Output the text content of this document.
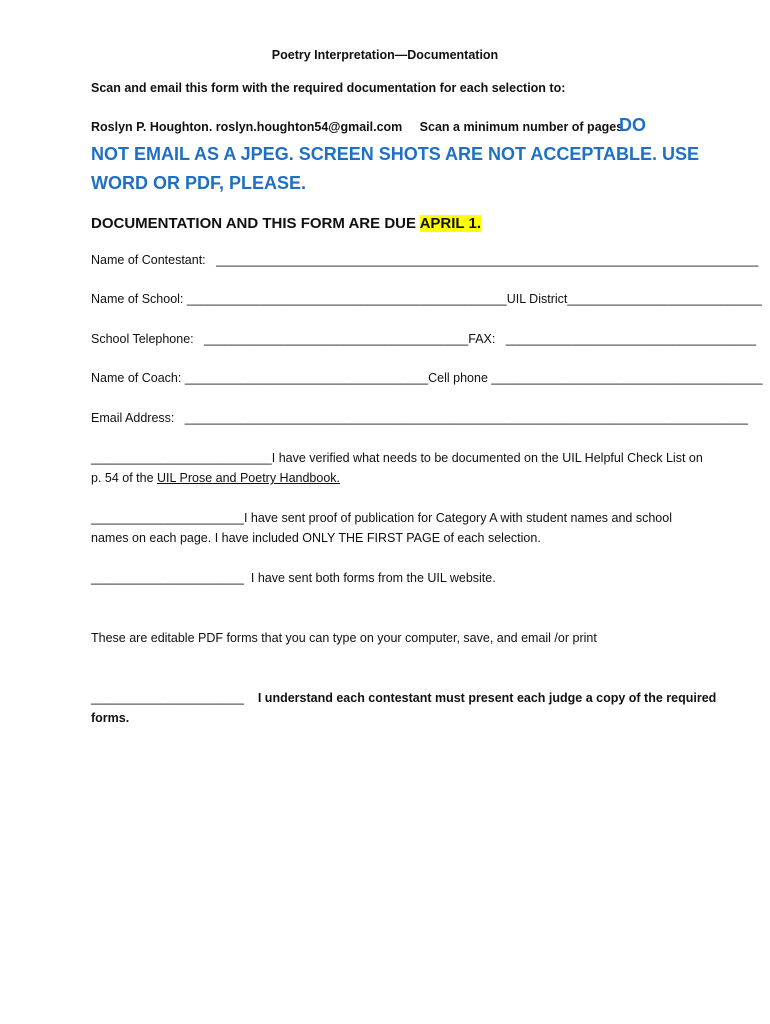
Poetry Interpretation—Documentation
Scan and email this form with the required documentation for each selection to:
Roslyn P. Houghton. roslyn.houghton54@gmail.com Scan a minimum number of pages.
DO
NOT EMAIL AS A JPEG. SCREEN SHOTS ARE NOT ACCEPTABLE. USE
WORD OR PDF, PLEASE.
DOCUMENTATION AND THIS FORM ARE DUE APRIL 1.
Name of Contestant: ______________________________________________________________________________
Name of School: ______________________________________________UIL District____________________________
School Telephone: ______________________________________FAX: ____________________________________
Name of Coach: ___________________________________Cell phone _______________________________________
Email Address: _________________________________________________________________________________
__________________________I have verified what needs to be documented on the UIL Helpful Check List on
p. 54 of the UIL Prose and Poetry Handbook.
______________________I have sent proof of publication for Category A with student names and school
names on each page. I have included ONLY THE FIRST PAGE of each selection.
______________________ I have sent both forms from the UIL website.
These are editable PDF forms that you can type on your computer, save, and email /or print
______________________ I understand each contestant must present each judge a copy of the required
forms.
